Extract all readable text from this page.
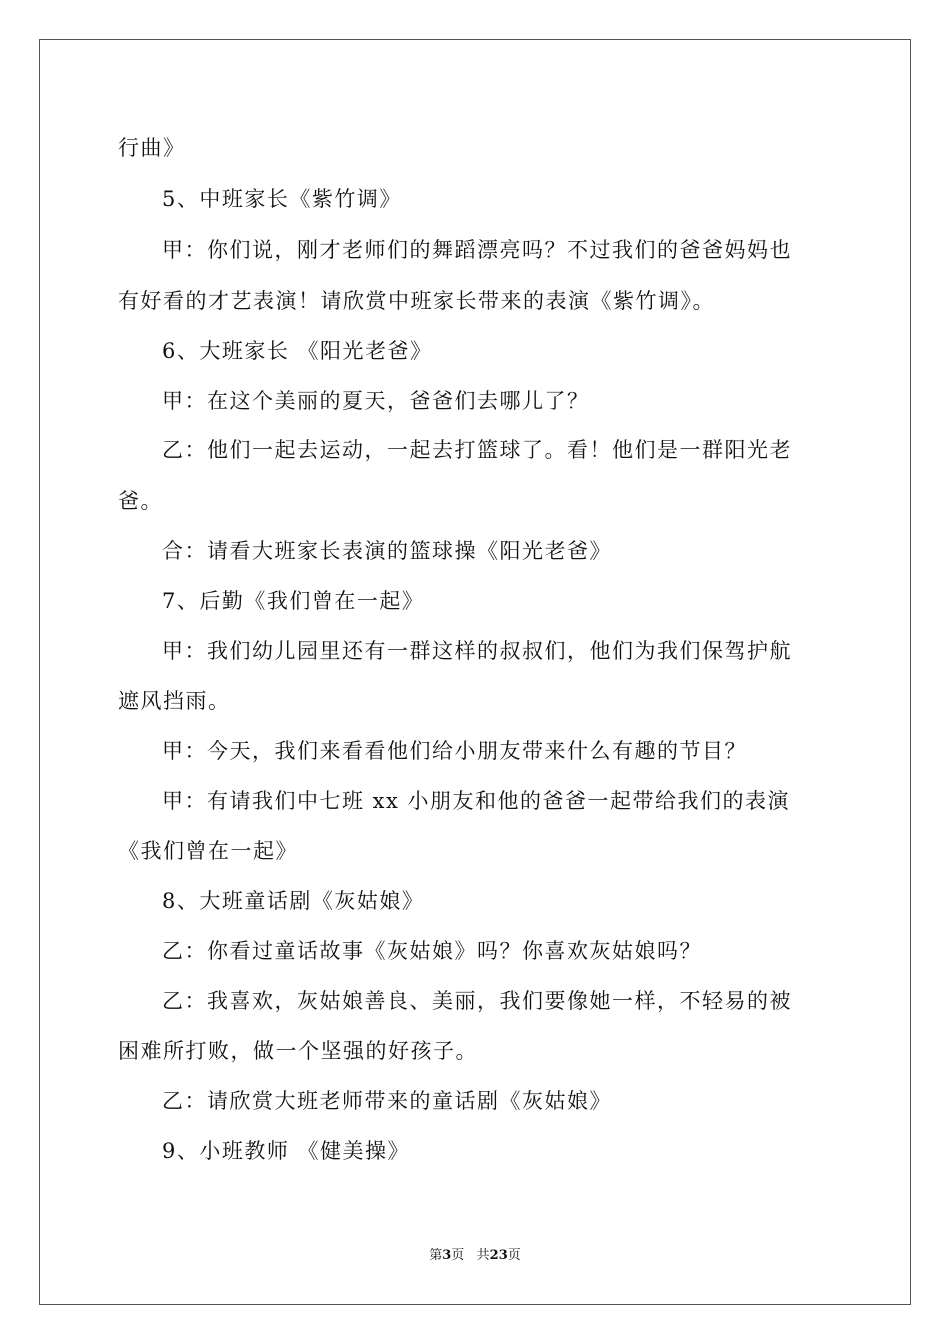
行曲》
5、中班家长《紫竹调》
甲：你们说，刚才老师们的舞蹈漂亮吗？不过我们的爸爸妈妈也
有好看的才艺表演！请欣赏中班家长带来的表演《紫竹调》。
6、大班家长 《阳光老爸》
甲：在这个美丽的夏天，爸爸们去哪儿了？
乙：他们一起去运动，一起去打篮球了。看！他们是一群阳光老
爸。
合：请看大班家长表演的篮球操《阳光老爸》
7、后勤《我们曾在一起》
甲：我们幼儿园里还有一群这样的叔叔们，他们为我们保驾护航
遮风挡雨。
甲：今天，我们来看看他们给小朋友带来什么有趣的节目？
甲：有请我们中七班 xx 小朋友和他的爸爸一起带给我们的表演
《我们曾在一起》
8、大班童话剧《灰姑娘》
乙：你看过童话故事《灰姑娘》吗？你喜欢灰姑娘吗？
乙：我喜欢，灰姑娘善良、美丽，我们要像她一样，不轻易的被
困难所打败，做一个坚强的好孩子。
乙：请欣赏大班老师带来的童话剧《灰姑娘》
9、小班教师 《健美操》
第3页   共23页
